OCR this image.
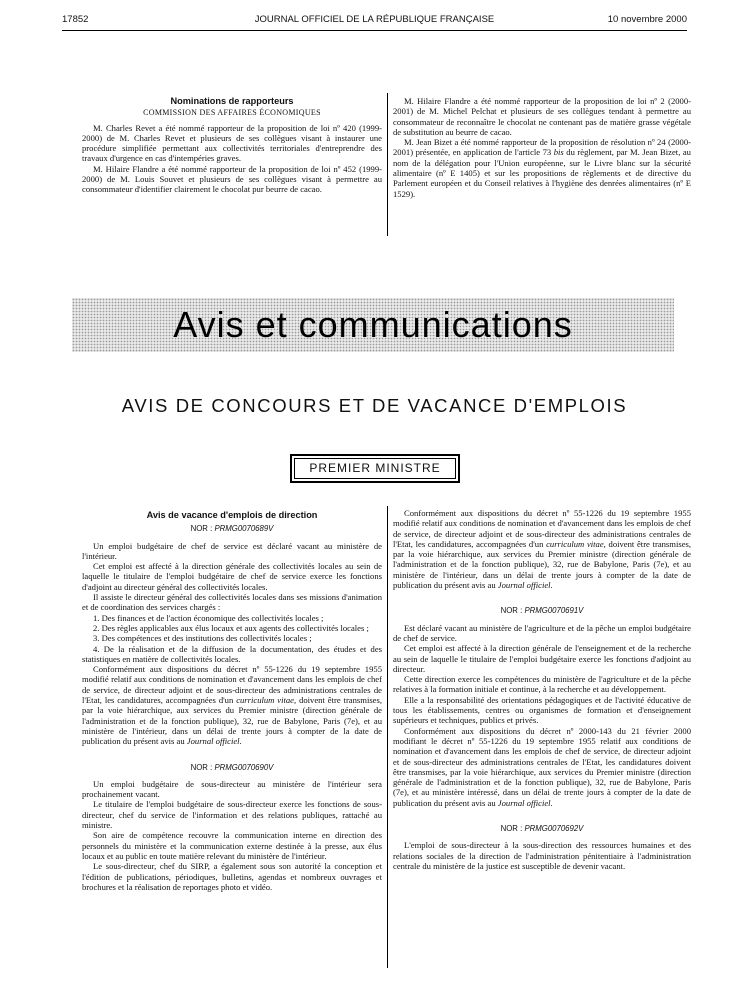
17852	JOURNAL OFFICIEL DE LA RÉPUBLIQUE FRANÇAISE	10 novembre 2000
Nominations de rapporteurs

COMMISSION DES AFFAIRES ÉCONOMIQUES

M. Charles Revet a été nommé rapporteur de la proposition de loi nº 420 (1999-2000) de M. Charles Revet et plusieurs de ses collègues visant à instaurer une procédure simplifiée permettant aux collectivités territoriales d'entreprendre des travaux d'urgence en cas d'intempéries graves.

M. Hilaire Flandre a été nommé rapporteur de la proposition de loi nº 452 (1999-2000) de M. Louis Souvet et plusieurs de ses collègues visant à permettre au consommateur d'identifier clairement le chocolat pur beurre de cacao.

M. Hilaire Flandre a été nommé rapporteur de la proposition de loi nº 2 (2000-2001) de M. Michel Pelchat et plusieurs de ses collègues tendant à permettre au consommateur de reconnaître le chocolat ne contenant pas de matière grasse végétale de substitution au beurre de cacao.

M. Jean Bizet a été nommé rapporteur de la proposition de résolution nº 24 (2000-2001) présentée, en application de l'article 73 bis du règlement, par M. Jean Bizet, au nom de la délégation pour l'Union européenne, sur le Livre blanc sur la sécurité alimentaire (nº E 1405) et sur les propositions de règlements et de directive du Parlement européen et du Conseil relatives à l'hygiène des denrées alimentaires (nº E 1529).

Avis et communications
AVIS DE CONCOURS ET DE VACANCE D'EMPLOIS
PREMIER MINISTRE
Avis de vacance d'emplois de direction

NOR : PRMG0070689V

Un emploi budgétaire de chef de service est déclaré vacant au ministère de l'intérieur.

Cet emploi est affecté à la direction générale des collectivités locales au sein de laquelle le titulaire de l'emploi budgétaire de chef de service exerce les fonctions d'adjoint au directeur général des collectivités locales.

Il assiste le directeur général des collectivités locales dans ses missions d'animation et de coordination des services chargés :

1. Des finances et de l'action économique des collectivités locales ;

2. Des règles applicables aux élus locaux et aux agents des collectivités locales ;

3. Des compétences et des institutions des collectivités locales ;

4. De la réalisation et de la diffusion de la documentation, des études et des statistiques en matière de collectivités locales.

Conformément aux dispositions du décret nº 55-1226 du 19 septembre 1955 modifié relatif aux conditions de nomination et d'avancement dans les emplois de chef de service, de directeur adjoint et de sous-directeur des administrations centrales de l'Etat, les candidatures, accompagnées d'un curriculum vitae, doivent être transmises, par la voie hiérarchique, aux services du Premier ministre (direction générale de l'administration et de la fonction publique), 32, rue de Babylone, Paris (7e), et au ministère de l'intérieur, dans un délai de trente jours à compter de la date de publication du présent avis au Journal officiel.

NOR : PRMG0070690V

Un emploi budgétaire de sous-directeur au ministère de l'intérieur sera prochainement vacant.

Le titulaire de l'emploi budgétaire de sous-directeur exerce les fonctions de sous-directeur, chef du service de l'information et des relations publiques, rattaché au ministre.

Son aire de compétence recouvre la communication interne en direction des personnels du ministère et la communication externe destinée à la presse, aux élus locaux et au public en toute matière relevant du ministère de l'intérieur.

Le sous-directeur, chef du SIRP, a également sous son autorité la conception et l'édition de publications, périodiques, bulletins, agendas et nombreux ouvrages et brochures et la réalisation de reportages photo et vidéo.

Conformément aux dispositions du décret nº 55-1226 du 19 septembre 1955 modifié relatif aux conditions de nomination et d'avancement dans les emplois de chef de service, de directeur adjoint et de sous-directeur des administrations centrales de l'Etat, les candidatures, accompagnées d'un curriculum vitae, doivent être transmises, par la voie hiérarchique, aux services du Premier ministre (direction générale de l'administration et de la fonction publique), 32, rue de Babylone, Paris (7e), et au ministère de l'intérieur, dans un délai de trente jours à compter de la date de publication du présent avis au Journal officiel.

NOR : PRMG0070691V

Est déclaré vacant au ministère de l'agriculture et de la pêche un emploi budgétaire de chef de service.

Cet emploi est affecté à la direction générale de l'enseignement et de la recherche au sein de laquelle le titulaire de l'emploi budgétaire exerce les fonctions d'adjoint au directeur.

Cette direction exerce les compétences du ministère de l'agriculture et de la pêche relatives à la formation initiale et continue, à la recherche et au développement.

Elle a la responsabilité des orientations pédagogiques et de l'activité éducative de tous les établissements, centres ou organismes de formation et d'enseignement supérieurs et techniques, publics et privés.

Conformément aux dispositions du décret nº 2000-143 du 21 février 2000 modifiant le décret nº 55-1226 du 19 septembre 1955 relatif aux conditions de nomination et d'avancement dans les emplois de chef de service, de directeur adjoint et de sous-directeur des administrations centrales de l'Etat, les candidatures doivent être transmises, par la voie hiérarchique, aux services du Premier ministre (direction générale de l'administration et de la fonction publique), 32, rue de Babylone, Paris (7e), et au ministère intéressé, dans un délai de trente jours à compter de la date de publication du présent avis au Journal officiel.

NOR : PRMG0070692V

L'emploi de sous-directeur à la sous-direction des ressources humaines et des relations sociales de la direction de l'administration pénitentiaire à l'administration centrale du ministère de la justice est susceptible de devenir vacant.
